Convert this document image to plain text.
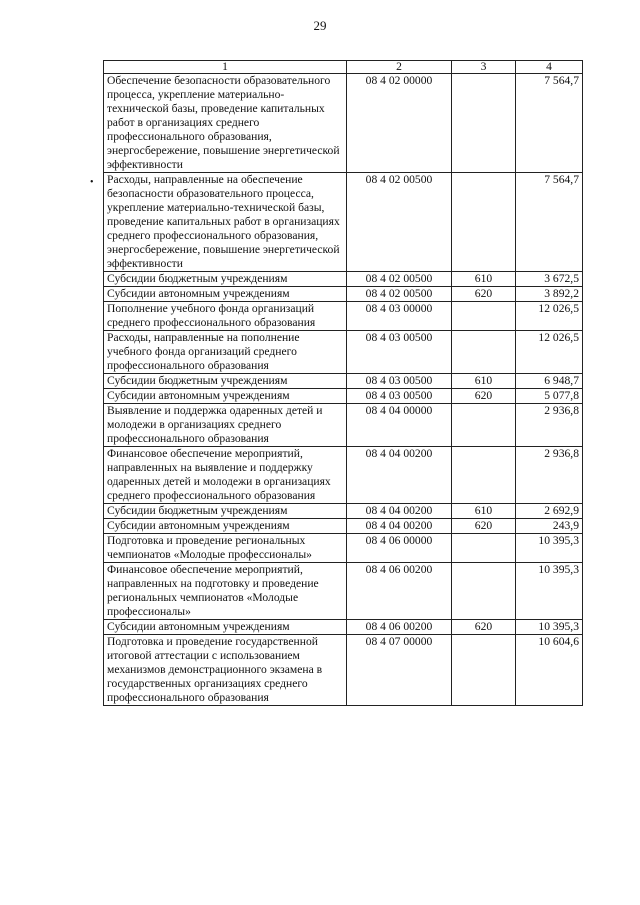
29
•
1	2	3	4
Обеспечение безопасности образовательного процесса, укрепление материально-технической базы, проведение капитальных работ в организациях среднего профессионального образования, энергосбережение, повышение энергетической эффективности	08 4 02 00000		7 564,7
Расходы, направленные на обеспечение безопасности образовательного процесса, укрепление материально-технической базы, проведение капитальных работ в организациях среднего профессионального образования, энергосбережение, повышение энергетической эффективности	08 4 02 00500		7 564,7
Субсидии бюджетным учреждениям	08 4 02 00500	610	3 672,5
Субсидии автономным учреждениям	08 4 02 00500	620	3 892,2
Пополнение учебного фонда организаций среднего профессионального образования	08 4 03 00000		12 026,5
Расходы, направленные на пополнение учебного фонда организаций среднего профессионального образования	08 4 03 00500		12 026,5
Субсидии бюджетным учреждениям	08 4 03 00500	610	6 948,7
Субсидии автономным учреждениям	08 4 03 00500	620	5 077,8
Выявление и поддержка одаренных детей и молодежи в организациях среднего профессионального образования	08 4 04 00000		2 936,8
Финансовое обеспечение мероприятий, направленных на выявление и поддержку одаренных детей и молодежи в организациях среднего профессионального образования	08 4 04 00200		2 936,8
Субсидии бюджетным учреждениям	08 4 04 00200	610	2 692,9
Субсидии автономным учреждениям	08 4 04 00200	620	243,9
Подготовка и проведение региональных чемпионатов «Молодые профессионалы»	08 4 06 00000		10 395,3
Финансовое обеспечение мероприятий, направленных на подготовку и проведение региональных чемпионатов «Молодые профессионалы»	08 4 06 00200		10 395,3
Субсидии автономным учреждениям	08 4 06 00200	620	10 395,3
Подготовка и проведение государственной итоговой аттестации с использованием механизмов демонстрационного экзамена в государственных организациях среднего профессионального образования	08 4 07 00000		10 604,6
